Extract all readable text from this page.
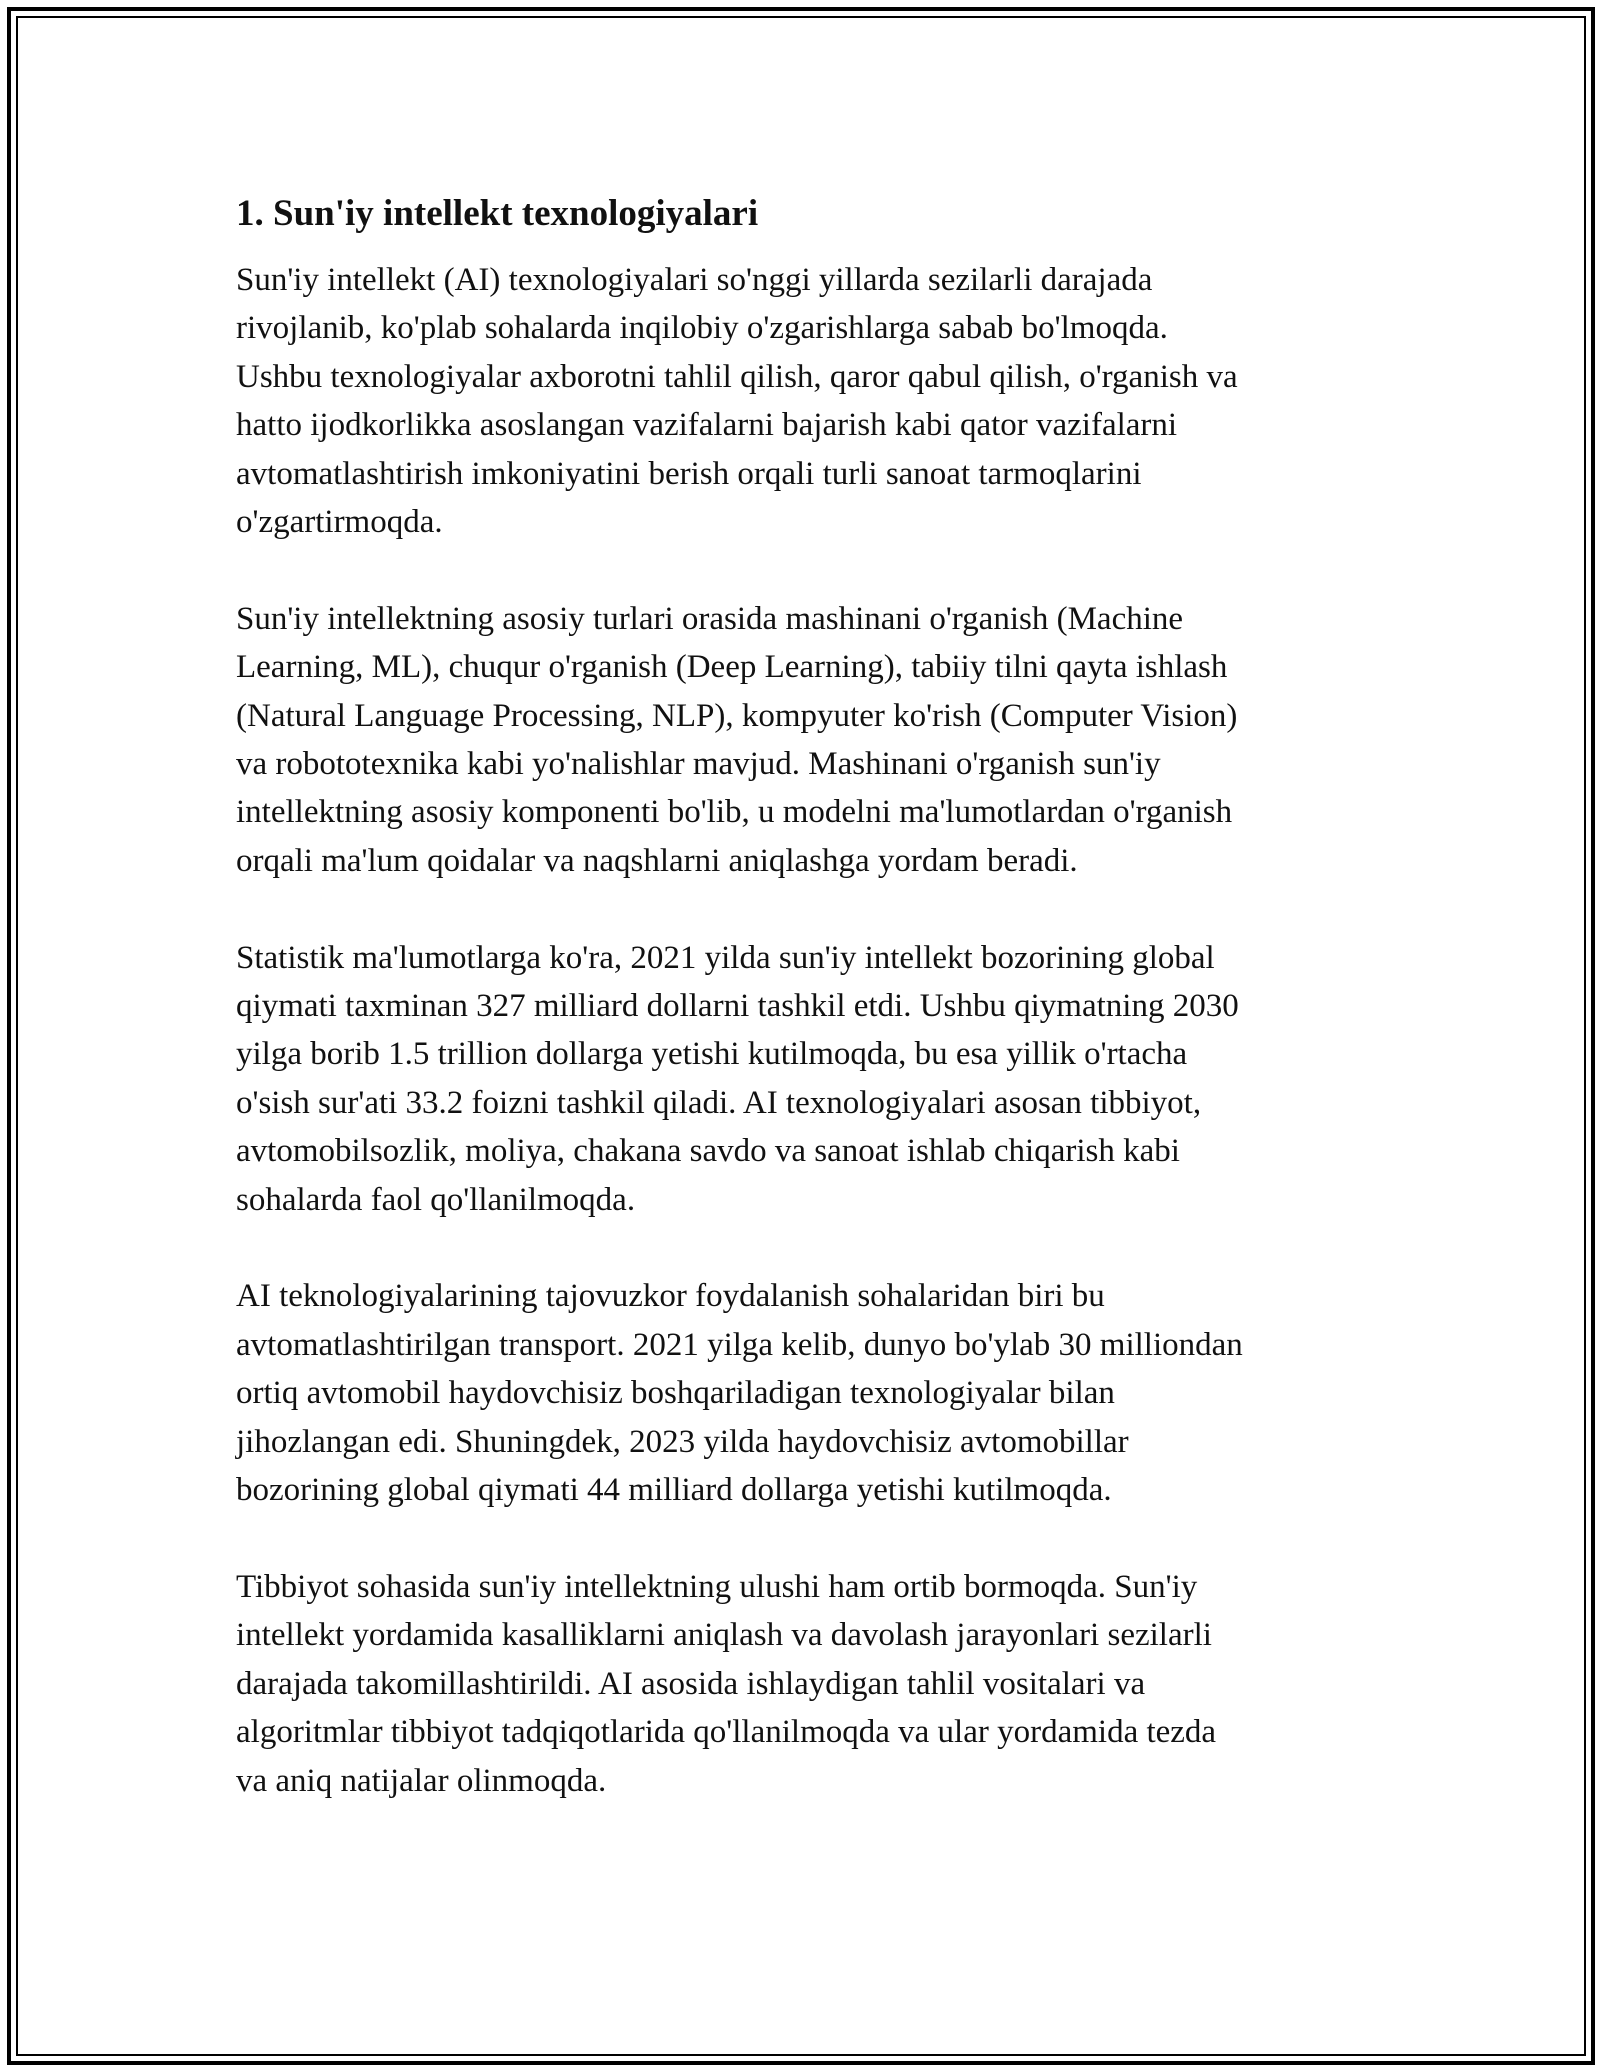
1. Sun'iy intellekt texnologiyalari
Sun'iy intellekt (AI) texnologiyalari so'nggi yillarda sezilarli darajada
rivojlanib, ko'plab sohalarda inqilobiy o'zgarishlarga sabab bo'lmoqda.
Ushbu texnologiyalar axborotni tahlil qilish, qaror qabul qilish, o'rganish va
hatto ijodkorlikka asoslangan vazifalarni bajarish kabi qator vazifalarni
avtomatlashtirish imkoniyatini berish orqali turli sanoat tarmoqlarini
o'zgartirmoqda.
Sun'iy intellektning asosiy turlari orasida mashinani o'rganish (Machine
Learning, ML), chuqur o'rganish (Deep Learning), tabiiy tilni qayta ishlash
(Natural Language Processing, NLP), kompyuter ko'rish (Computer Vision)
va robototexnika kabi yo'nalishlar mavjud. Mashinani o'rganish sun'iy
intellektning asosiy komponenti bo'lib, u modelni ma'lumotlardan o'rganish
orqali ma'lum qoidalar va naqshlarni aniqlashga yordam beradi.
Statistik ma'lumotlarga ko'ra, 2021 yilda sun'iy intellekt bozorining global
qiymati taxminan 327 milliard dollarni tashkil etdi. Ushbu qiymatning 2030
yilga borib 1.5 trillion dollarga yetishi kutilmoqda, bu esa yillik o'rtacha
o'sish sur'ati 33.2 foizni tashkil qiladi. AI texnologiyalari asosan tibbiyot,
avtomobilsozlik, moliya, chakana savdo va sanoat ishlab chiqarish kabi
sohalarda faol qo'llanilmoqda.
AI teknologiyalarining tajovuzkor foydalanish sohalaridan biri bu
avtomatlashtirilgan transport. 2021 yilga kelib, dunyo bo'ylab 30 milliondan
ortiq avtomobil haydovchisiz boshqariladigan texnologiyalar bilan
jihozlangan edi. Shuningdek, 2023 yilda haydovchisiz avtomobillar
bozorining global qiymati 44 milliard dollarga yetishi kutilmoqda.
Tibbiyot sohasida sun'iy intellektning ulushi ham ortib bormoqda. Sun'iy
intellekt yordamida kasalliklarni aniqlash va davolash jarayonlari sezilarli
darajada takomillashtirildi. AI asosida ishlaydigan tahlil vositalari va
algoritmlar tibbiyot tadqiqotlarida qo'llanilmoqda va ular yordamida tezda
va aniq natijalar olinmoqda.
